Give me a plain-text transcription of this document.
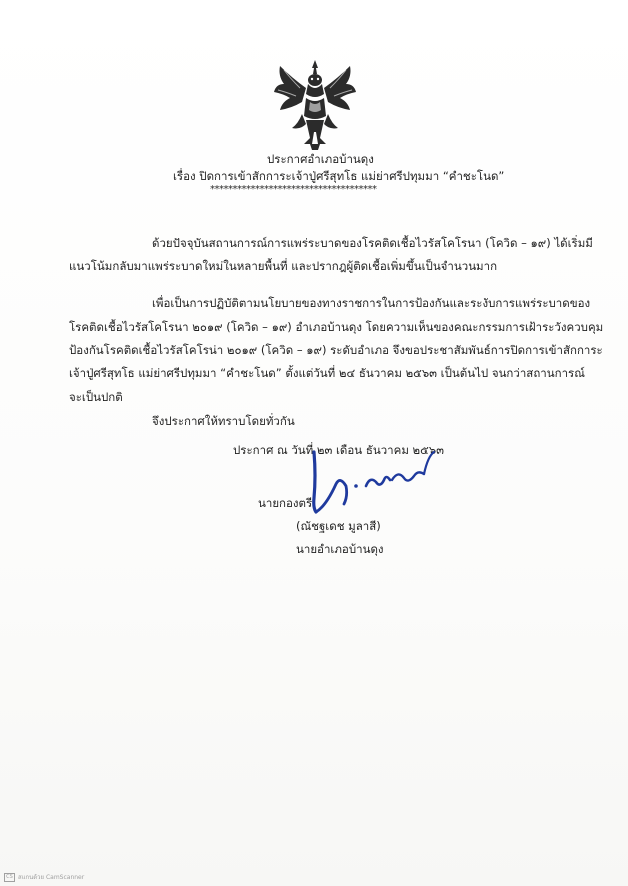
ประกาศอำเภอบ้านดุง
เรื่อง ปิดการเข้าสักการะเจ้าปู่ศรีสุทโธ แม่ย่าศรีปทุมมา “คำชะโนด”
*************************************
ด้วยปัจจุบันสถานการณ์การแพร่ระบาดของโรคติดเชื้อไวรัสโคโรนา (โควิด – ๑๙) ได้เริ่มมี
แนวโน้มกลับมาแพร่ระบาดใหม่ในหลายพื้นที่ และปรากฎผู้ติดเชื้อเพิ่มขึ้นเป็นจำนวนมาก
เพื่อเป็นการปฏิบัติตามนโยบายของทางราชการในการป้องกันและระงับการแพร่ระบาดของ
โรคติดเชื้อไวรัสโคโรนา ๒๐๑๙ (โควิด – ๑๙) อำเภอบ้านดุง โดยความเห็นของคณะกรรมการเฝ้าระวังควบคุม
ป้องกันโรคติดเชื้อไวรัสโคโรน่า ๒๐๑๙ (โควิด – ๑๙) ระดับอำเภอ จึงขอประชาสัมพันธ์การปิดการเข้าสักการะ
เจ้าปู่ศรีสุทโธ แม่ย่าศรีปทุมมา “คำชะโนด” ตั้งแต่วันที่ ๒๔ ธันวาคม ๒๕๖๓ เป็นต้นไป จนกว่าสถานการณ์
จะเป็นปกติ
จึงประกาศให้ทราบโดยทั่วกัน
ประกาศ ณ วันที่ ๒๓ เดือน ธันวาคม ๒๕๖๓
นายกองตรี
(ณัชฐเดช มูลาสี)
นายอำเภอบ้านดุง
CS สแกนด้วย CamScanner
